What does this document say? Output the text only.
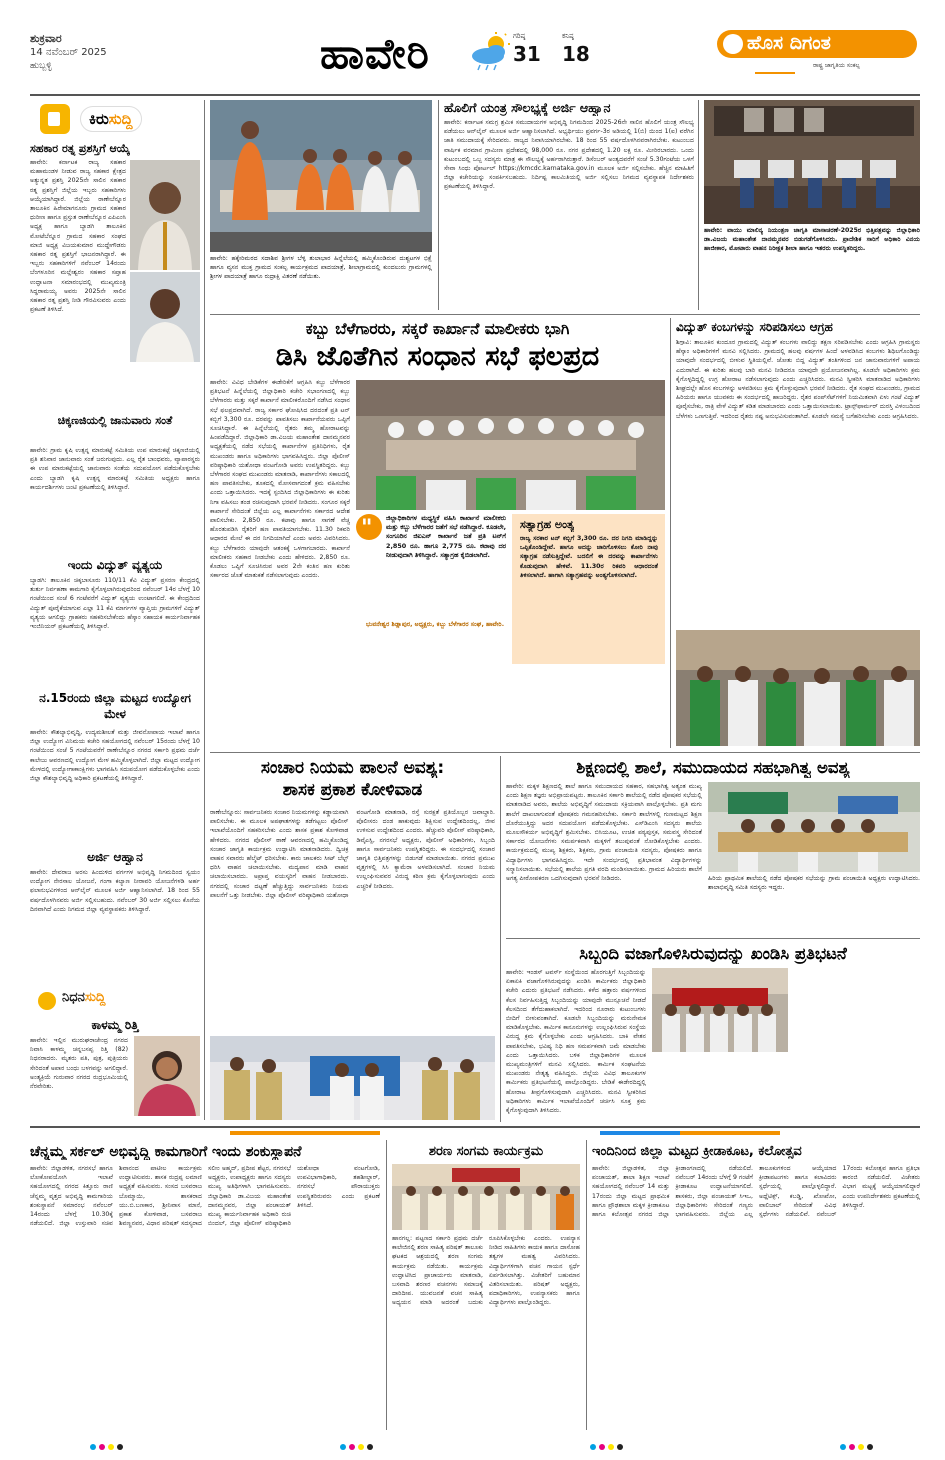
ಶುಕ್ರವಾರ
14 ನವೆಂಬರ್ 2025
ಹುಬ್ಬಳ್ಳಿ	ಹಾವೇರಿ	ಗರಿಷ್ಠ
31
ಕನಿಷ್ಠ
18	ಹೊಸ ದಿಗಂತ
ರಾಷ್ಟ್ರ ಜಾಗೃತಿಯ ಸಂಕಲ್ಪ
ಕಿರುಸುದ್ದಿ
ಸಹಕಾರ ರತ್ನ ಪ್ರಶಸ್ತಿಗೆ ಆಯ್ಕೆ
ಹಾವೇರಿ: ಕರ್ನಾಟಕ ರಾಜ್ಯ ಸಹಕಾರ ಮಹಾಮಂಡಳ ನೀಡುವ ರಾಜ್ಯ ಸಹಕಾರ ಕ್ಷೇತ್ರದ ಅತ್ಯುನ್ನತ ಪ್ರಶಸ್ತಿ 2025ನೇ ಸಾಲಿನ ಸಹಕಾರ ರತ್ನ ಪ್ರಶಸ್ತಿಗೆ ಜಿಲ್ಲೆಯ ಇಬ್ಬರು ಸಹಕಾರಿಗಳು ಆಯ್ಕೆಯಾಗಿದ್ದಾರೆ. ಜಿಲ್ಲೆಯ ರಾಣೇಬೆನ್ನೂರ ತಾಲೂಕಿನ ಹಿರೇಮಾಗನೂರು ಗ್ರಾಮದ ಸಹಕಾರ ಧುರೀಣ ಹಾಗೂ ಪ್ರಸ್ತುತ ರಾಣೇಬೆನ್ನೂರ ಎಪಿಎಂಸಿ ಅಧ್ಯಕ್ಷ ಹಾಗೂ ಬ್ಯಾಡಗಿ ತಾಲೂಕಿನ ಮೋಟೆಬೆನ್ನೂರ ಗ್ರಾಮದ ಸಹಕಾರ ಸಂಘದ ಮಾಜಿ ಅಧ್ಯಕ್ಷ ವಿಜಯಕುಮಾರ ಮುದ್ದೇಗೌಡರು ಸಹಕಾರ ರತ್ನ ಪ್ರಶಸ್ತಿಗೆ ಭಾಜನರಾಗಿದ್ದಾರೆ. ಈ ಇಬ್ಬರು ಸಹಕಾರಿಗಳಿಗೆ ನವೆಂಬರ್ 14ರಂದು ಬೆಂಗಳೂರಿನ ಮಲ್ಲೇಶ್ವರಂ ಸಹಕಾರ ಸಪ್ತಾಹ ಉದ್ಘಾಟನಾ ಸಮಾರಂಭದಲ್ಲಿ ಮುಖ್ಯಮಂತ್ರಿ ಸಿದ್ಧರಾಮಯ್ಯ ಅವರು 2025ನೇ ಸಾಲಿನ ಸಹಕಾರ ರತ್ನ ಪ್ರಶಸ್ತಿ ನೀಡಿ ಗೌರವಿಸುವರು ಎಂದು ಪ್ರಕಟಣೆ ತಿಳಿಸಿದೆ.
ಚಿಕ್ಕಣಜಿಯಲ್ಲಿ ಜಾನುವಾರು ಸಂತೆ
ಹಾವೇರಿ: ಗ್ರಾಮ ಕೃಷಿ ಉತ್ಪನ್ನ ಮಾರುಕಟ್ಟೆ ಸಮಿತಿಯ ಉಪ ಮಾರುಕಟ್ಟೆ ಚಿಕ್ಕಣಜಿಯಲ್ಲಿ ಪ್ರತಿ ಶನಿವಾರ ಜಾನುವಾರು ಸಂತೆ ಜರುಗುವುದು. ಎಲ್ಲ ರೈತ ಬಾಂಧವರು, ವ್ಯಾಪಾರಸ್ಥರು ಈ ಉಪ ಮಾರುಕಟ್ಟೆಯಲ್ಲಿ ಜಾನುವಾರು ಸಂತೆಯ ಸದುಪಯೋಗ ಪಡೆದುಕೊಳ್ಳಬೇಕು ಎಂದು ಬ್ಯಾಡಗಿ ಕೃಷಿ ಉತ್ಪನ್ನ ಮಾರುಕಟ್ಟೆ ಸಮಿತಿಯ ಅಧ್ಯಕ್ಷರು ಹಾಗೂ ಕಾರ್ಯದರ್ಶಿಗಳು ಜಂಟಿ ಪ್ರಕಟಣೆಯಲ್ಲಿ ತಿಳಿಸಿದ್ದಾರೆ.
ಇಂದು ವಿದ್ಯುತ್ ವ್ಯತ್ಯಯ
ಬ್ಯಾಡಗಿ: ತಾಲೂಕಿನ ಚಿಕ್ಕಬಾಸೂರು 110/11 ಕೆವಿ ವಿದ್ಯುತ್ ಪ್ರಸರಣ ಕೇಂದ್ರದಲ್ಲಿ ತುರ್ತು ನಿರ್ವಹಣಾ ಕಾಮಗಾರಿ ಕೈಗೊಳ್ಳಲಾಗಿರುವುದರಿಂದ ನವೆಂಬರ್ 14ರ ಬೆಳಗ್ಗೆ 10 ಗಂಟೆಯಿಂದ ಸಂಜೆ 6 ಗಂಟೆವರೆಗೆ ವಿದ್ಯುತ್ ವ್ಯತ್ಯಯ ಉಂಟಾಗಲಿದೆ. ಈ ಕೇಂದ್ರದಿಂದ ವಿದ್ಯುತ್ ಪೂರೈಕೆಯಾಗುವ ಎಲ್ಲಾ 11 ಕೆವಿ ಮಾರ್ಗಗಳ ವ್ಯಾಪ್ತಿಯ ಗ್ರಾಮಗಳಿಗೆ ವಿದ್ಯುತ್ ವ್ಯತ್ಯಯ ಆಗಲಿದ್ದು ಗ್ರಾಹಕರು ಸಹಕರಿಸಬೇಕೆಂದು ಹೆಸ್ಕಾಂ ಸಹಾಯಕ ಕಾರ್ಯನಿರ್ವಾಹಕ ಇಂಜಿನಿಯರ್ ಪ್ರಕಟಣೆಯಲ್ಲಿ ತಿಳಿಸಿದ್ದಾರೆ.
ನ.15ರಂದು ಜಿಲ್ಲಾ ಮಟ್ಟದ ಉದ್ಯೋಗ ಮೇಳ
ಹಾವೇರಿ: ಕೌಶಲ್ಯಾಭಿವೃದ್ಧಿ, ಉದ್ಯಮಶೀಲತೆ ಮತ್ತು ಜೀವನೋಪಾಯ ಇಲಾಖೆ ಹಾಗೂ ಜಿಲ್ಲಾ ಉದ್ಯೋಗ ವಿನಿಮಯ ಕಚೇರಿ ಸಹಯೋಗದಲ್ಲಿ ನವೆಂಬರ್ 15ರಂದು ಬೆಳಗ್ಗೆ 10 ಗಂಟೆಯಿಂದ ಸಂಜೆ 5 ಗಂಟೆಯವರೆಗೆ ರಾಣೇಬೆನ್ನೂರ ನಗರದ ಸರ್ಕಾರಿ ಪ್ರಥಮ ದರ್ಜೆ ಕಾಲೇಜು ಆವರಣದಲ್ಲಿ ಉದ್ಯೋಗ ಮೇಳ ಹಮ್ಮಿಕೊಳ್ಳಲಾಗಿದೆ. ಜಿಲ್ಲಾ ಮಟ್ಟದ ಉದ್ಯೋಗ ಮೇಳದಲ್ಲಿ ಉದ್ಯೋಗಾಕಾಂಕ್ಷಿಗಳು ಭಾಗವಹಿಸಿ ಸದುಪಯೋಗ ಪಡೆದುಕೊಳ್ಳಬೇಕು ಎಂದು ಜಿಲ್ಲಾ ಕೌಶಲ್ಯಾಭಿವೃದ್ಧಿ ಅಧಿಕಾರಿ ಪ್ರಕಟಣೆಯಲ್ಲಿ ತಿಳಿಸಿದ್ದಾರೆ.
ಅರ್ಜಿ ಆಹ್ವಾನ
ಹಾವೇರಿ: ದೇವರಾಜ ಅರಸು ಹಿಂದುಳಿದ ವರ್ಗಗಳ ಅಭಿವೃದ್ಧಿ ನಿಗಮದಿಂದ ಸ್ವಯಂ ಉದ್ಯೋಗ ನೇರಸಾಲ ಯೋಜನೆ, ಗಂಗಾ ಕಲ್ಯಾಣ ನೀರಾವರಿ ಯೋಜನೆಗಳಡಿ ಅರ್ಹ ಫಲಾನುಭವಿಗಳಿಂದ ಆನ್‌ಲೈನ್ ಮೂಲಕ ಅರ್ಜಿ ಆಹ್ವಾನಿಸಲಾಗಿದೆ. 18 ರಿಂದ 55 ವರ್ಷದೊಳಗಿನವರು ಅರ್ಜಿ ಸಲ್ಲಿಸಬಹುದು. ನವೆಂಬರ್ 30 ಅರ್ಜಿ ಸಲ್ಲಿಸಲು ಕೊನೆಯ ದಿನವಾಗಿದೆ ಎಂದು ನಿಗಮದ ಜಿಲ್ಲಾ ವ್ಯವಸ್ಥಾಪಕರು ತಿಳಿಸಿದ್ದಾರೆ.
ನಿಧನಸುದ್ದಿ
ಕಾಳಮ್ಮ ರಿತ್ತಿ
ಹಾವೇರಿ: ಇಲ್ಲಿನ ಮುರುಘರಾಜೇಂದ್ರ ನಗರದ ನಿವಾಸಿ ಕಾಳಮ್ಮ ಚನ್ನಬಸಪ್ಪ ರಿತ್ತಿ (82) ನಿಧನರಾದರು. ಮೃತರು ಪತಿ, ಪುತ್ರ, ಪುತ್ರಿಯರು ಸೇರಿದಂತೆ ಅಪಾರ ಬಂಧು ಬಳಗವನ್ನು ಅಗಲಿದ್ದಾರೆ. ಅಂತ್ಯಕ್ರಿಯೆ ಗುರುವಾರ ನಗರದ ರುದ್ರಭೂಮಿಯಲ್ಲಿ ನೆರವೇರಿತು.
ಹಾವೇರಿ: ಹಕ್ಕೇರಿಮಠದ ಸದಾಶಿವ ಶ್ರೀಗಳ ಬೆಳ್ಳಿ ತುಲಾಭಾರ ಹಿನ್ನೆಲೆಯಲ್ಲಿ ಹಮ್ಮಿಕೊಂಡಿರುವ ದುಶ್ಚಟಗಳ ಭಿಕ್ಷೆ ಹಾಗೂ ವ್ಯಸನ ಮುಕ್ತ ಗ್ರಾಮದ ಸಂಕಲ್ಪ ಕಾರ್ಯಕ್ರಮದ ಪಾದಯಾತ್ರೆ, ಶೀಲಾಗ್ರಾಮದಲ್ಲಿ ಕುಂದಲುರು ಗ್ರಾಮಗಳಲ್ಲಿ ಶ್ರೀಗಳ ಪಾದಯಾತ್ರೆ ಹಾಗೂ ರುದ್ರಾಕ್ಷಿ ವಿತರಣೆ ನಡೆಯಿತು.
ಹೊಲಿಗೆ ಯಂತ್ರ ಸೌಲಭ್ಯಕ್ಕೆ ಅರ್ಜಿ ಆಹ್ವಾನ
ಹಾವೇರಿ: ಕರ್ನಾಟಕ ಸಮಗ್ರ ಶ್ರಮಿಕ ಸಮುದಾಯಗಳ ಅಭಿವೃದ್ಧಿ ನಿಗಮದಿಂದ 2025-26ನೇ ಸಾಲಿನ ಹೊಲಿಗೆ ಯಂತ್ರ ಸೌಲಭ್ಯ ಪಡೆಯಲು ಆನ್‌ಲೈನ್ ಮೂಲಕ ಅರ್ಜಿ ಆಹ್ವಾನಿಸಲಾಗಿದೆ. ಅಭ್ಯರ್ಥಿಯು ಪ್ರವರ್ಗ-3ರ ಅಡಿಯಲ್ಲಿ 1(ಬಿ) ಯಿಂದ 1(ಐ) ವರೆಗಿನ ಜಾತಿ ಸಮುದಾಯಕ್ಕೆ ಸೇರಿದವರು. ರಾಜ್ಯದ ನಿವಾಸಿಯಾಗಿರಬೇಕು. 18 ರಿಂದ 55 ವರ್ಷದೊಳಗಿನವರಾಗಿರಬೇಕು. ಕುಟುಂಬದ ವಾರ್ಷಿಕ ವರಮಾನ ಗ್ರಾಮೀಣ ಪ್ರದೇಶದಲ್ಲಿ 98,000 ರೂ. ನಗರ ಪ್ರದೇಶದಲ್ಲಿ 1.20 ಲಕ್ಷ ರೂ. ಮೀರಿರಬಾರದು. ಒಂದು ಕುಟುಂಬದಲ್ಲಿ ಒಬ್ಬ ಸದಸ್ಯರು ಮಾತ್ರ ಈ ಸೌಲಭ್ಯಕ್ಕೆ ಅರ್ಹರಾಗಿರುತ್ತಾರೆ. ಡಿಸೆಂಬರ್ ಅಂತ್ಯದವರೆಗೆ ಸಂಜೆ 5.30ಗಂಟೆಯ ಒಳಗೆ ಸೇವಾ ಸಿಂಧು ಪೋರ್ಟಲ್ https://kmcdc.karnataka.gov.in ಮೂಲಕ ಅರ್ಜಿ ಸಲ್ಲಿಸಬೇಕು. ಹೆಚ್ಚಿನ ಮಾಹಿತಿಗೆ ಜಿಲ್ಲಾ ಕಚೇರಿಯನ್ನು ಸಂಪರ್ಕಿಸಬಹುದು. ನಿರ್ದಿಷ್ಟ ಕಾಲಮಿತಿಯಲ್ಲಿ ಅರ್ಜಿ ಸಲ್ಲಿಸಲು ನಿಗಮದ ವ್ಯವಸ್ಥಾಪಕ ನಿರ್ದೇಶಕರು ಪ್ರಕಟಣೆಯಲ್ಲಿ ತಿಳಿಸಿದ್ದಾರೆ.
ಹಾವೇರಿ: ವಾಯು ಮಾಲಿನ್ಯ ನಿಯಂತ್ರಣ ಜಾಗೃತಿ ಮಾಸಾಚರಣೆ-2025ರ ಭಿತ್ತಿಪತ್ರವನ್ನು ಜಿಲ್ಲಾಧಿಕಾರಿ ಡಾ.ವಿಜಯ ಮಹಾಂತೇಶ ದಾನಮ್ಮನವರ ಬಿಡುಗಡೆಗೊಳಿಸಿದರು. ಪ್ರಾದೇಶಿಕ ಸಾರಿಗೆ ಅಧಿಕಾರಿ ವಿನಯ ಹಾಜೀಕಾರ, ಮೋಟಾರು ವಾಹನ ನಿರೀಕ್ಷಕ ಶೀಲಾ ಹಾಗೂ ಇತರರು ಉಪಸ್ಥಿತರಿದ್ದರು.
ಕಬ್ಬು ಬೆಳೆಗಾರರು, ಸಕ್ಕರೆ ಕಾರ್ಖಾನೆ ಮಾಲೀಕರು ಭಾಗಿ
ಡಿಸಿ ಜೊತೆಗಿನ ಸಂಧಾನ ಸಭೆ ಫಲಪ್ರದ
ಹಾವೇರಿ: ವಿವಿಧ ಬೇಡಿಕೆಗಳ ಈಡೇರಿಕೆಗೆ ಆಗ್ರಹಿಸಿ ಕಬ್ಬು ಬೆಳೆಗಾರರ ಪ್ರತಿಭಟನೆ ಹಿನ್ನೆಲೆಯಲ್ಲಿ ಜಿಲ್ಲಾಧಿಕಾರಿ ಕಚೇರಿ ಸಭಾಂಗಣದಲ್ಲಿ ಕಬ್ಬು ಬೆಳೆಗಾರರು ಮತ್ತು ಸಕ್ಕರೆ ಕಾರ್ಖಾನೆ ಮಾಲೀಕರೊಂದಿಗೆ ನಡೆಸಿದ ಸಂಧಾನ ಸಭೆ ಫಲಪ್ರದವಾಗಿದೆ. ರಾಜ್ಯ ಸರ್ಕಾರ ಘೋಷಿಸಿದ ದರದಂತೆ ಪ್ರತಿ ಟನ್ ಕಬ್ಬಿಗೆ 3,300 ರೂ. ದರವನ್ನು ಪಾವತಿಸಲು ಕಾರ್ಖಾನೆಯವರು ಒಪ್ಪಿಗೆ ಸೂಚಿಸಿದ್ದಾರೆ. ಈ ಹಿನ್ನೆಲೆಯಲ್ಲಿ ರೈತರು ತಮ್ಮ ಹೋರಾಟವನ್ನು ಹಿಂಪಡೆದಿದ್ದಾರೆ. ಜಿಲ್ಲಾಧಿಕಾರಿ ಡಾ.ವಿಜಯ ಮಹಾಂತೇಶ ದಾನಮ್ಮನವರ ಅಧ್ಯಕ್ಷತೆಯಲ್ಲಿ ನಡೆದ ಸಭೆಯಲ್ಲಿ ಕಾರ್ಖಾನೆಗಳ ಪ್ರತಿನಿಧಿಗಳು, ರೈತ ಮುಖಂಡರು ಹಾಗೂ ಅಧಿಕಾರಿಗಳು ಭಾಗವಹಿಸಿದ್ದರು. ಜಿಲ್ಲಾ ಪೊಲೀಸ್ ವರಿಷ್ಠಾಧಿಕಾರಿ ಯಶೋಧಾ ವಂಟಗೋಡಿ ಅವರು ಉಪಸ್ಥಿತರಿದ್ದರು. ಕಬ್ಬು ಬೆಳೆಗಾರರ ಸಂಘದ ಮುಖಂಡರು ಮಾತನಾಡಿ, ಕಾರ್ಖಾನೆಗಳು ಸಕಾಲದಲ್ಲಿ ಹಣ ಪಾವತಿಸಬೇಕು, ತೂಕದಲ್ಲಿ ಮೋಸವಾಗದಂತೆ ಕ್ರಮ ವಹಿಸಬೇಕು ಎಂದು ಒತ್ತಾಯಿಸಿದರು. ಇದಕ್ಕೆ ಸ್ಪಂದಿಸಿದ ಜಿಲ್ಲಾಧಿಕಾರಿಗಳು ಈ ಕುರಿತು ನಿಗಾ ವಹಿಸಲು ತಂಡ ರಚಿಸುವುದಾಗಿ ಭರವಸೆ ನೀಡಿದರು. ಸಂಗೂರ ಸಕ್ಕರೆ ಕಾರ್ಖಾನೆ ಸೇರಿದಂತೆ ಜಿಲ್ಲೆಯ ಎಲ್ಲ ಕಾರ್ಖಾನೆಗಳು ಸರ್ಕಾರದ ಆದೇಶ ಪಾಲಿಸಬೇಕು. 2,850 ರೂ. ಕಟಾವು ಹಾಗೂ ಸಾಗಣೆ ವೆಚ್ಚ ಹೊರತುಪಡಿಸಿ ರೈತರಿಗೆ ಹಣ ಪಾವತಿಯಾಗಬೇಕು. 11.30 ರಿಕವರಿ ಆಧಾರದ ಮೇಲೆ ಈ ದರ ನಿಗದಿಯಾಗಿದೆ ಎಂದು ಅವರು ವಿವರಿಸಿದರು. ಕಬ್ಬು ಬೆಳೆಗಾರರು ಯಾವುದೇ ಆತಂಕಕ್ಕೆ ಒಳಗಾಗಬಾರದು. ಕಾರ್ಖಾನೆ ಮಾಲೀಕರು ಸಹಕಾರ ನೀಡಬೇಕು ಎಂದು ಹೇಳಿದರು. 2,850 ರೂ. ಕೊಡಲು ಒಪ್ಪಿಗೆ ಸೂಚಿಸಿರುವ ಅವರ 2ನೇ ಕಂತಿನ ಹಣ ಕುರಿತು ಸರ್ಕಾರದ ಜೊತೆ ಮಾತುಕತೆ ನಡೆಸಲಾಗುವುದು ಎಂದರು.
" ಜಿಲ್ಲಾಧಿಕಾರಿಗಳ ಮಧ್ಯಸ್ಥಿಕೆ ವಹಿಸಿ ಕಾರ್ಖಾನೆ ಮಾಲೀಕರು ಮತ್ತು ಕಬ್ಬು ಬೆಳೆಗಾರರ ಜತೆಗೆ ಸಭೆ ನಡೆಸಿದ್ದಾರೆ. ಕೂಡಲೇ, ಸಂಗೂರಿನ ಜಿಐಎನ್ ಕಾರ್ಖಾನೆ ಜತೆ ಪ್ರತಿ ಟನ್‌ಗೆ 2,850 ರೂ. ಹಾಗೂ 2,775 ರೂ. ಕಟಾವು ದರ ನೀಡುವುದಾಗಿ ತಿಳಿಸಿದ್ದಾರೆ. ಸತ್ಯಾಗ್ರಹ ಕೈಬಿಡಲಾಗಿದೆ.
ಭುವನೇಶ್ವರ ಶಿಡ್ಲಾಪುರ, ಅಧ್ಯಕ್ಷರು, ಕಬ್ಬು ಬೆಳೆಗಾರರ ಸಂಘ, ಹಾವೇರಿ.
ಸತ್ಯಾಗ್ರಹ ಅಂತ್ಯ
ರಾಜ್ಯ ಸರಕಾರ ಟನ್ ಕಬ್ಬಿಗೆ 3,300 ರೂ. ದರ ನಿಗದಿ ಮಾಡಿದ್ದನ್ನು ಒಪ್ಪಿಕೊಂಡಿದ್ದೇವೆ. ಹಾಗೂ ಅದನ್ನು ಜಾರಿಗೊಳಿಸಲು ಕೋರಿ ನಾವು ಸತ್ಯಾಗ್ರಹ ನಡೆಸುತ್ತಿದ್ದೇವೆ. ಬದಲಿಗೆ ಈ ದರವನ್ನು ಕಾರ್ಖಾನೆಗಳು ಕೊಡುವುದಾಗಿ ಹೇಳಿವೆ. 11.30ರ ರಿಕವರಿ ಆಧಾರದಂತೆ ತಿಳಿಸಲಾಗಿದೆ. ಹಾಗಾಗಿ ಸತ್ಯಾಗ್ರಹವನ್ನು ಅಂತ್ಯಗೊಳಿಸಲಾಗಿದೆ.
ವಿದ್ಯುತ್ ಕಂಬಗಳನ್ನು ಸರಿಪಡಿಸಲು ಆಗ್ರಹ
ಶಿಗ್ಗಾವಿ: ತಾಲೂಕಿನ ಕುಂದೂರ ಗ್ರಾಮದಲ್ಲಿ ವಿದ್ಯುತ್ ಕಂಬಗಳು ವಾಲಿದ್ದು ತಕ್ಷಣ ಸರಿಪಡಿಸಬೇಕು ಎಂದು ಆಗ್ರಹಿಸಿ ಗ್ರಾಮಸ್ಥರು ಹೆಸ್ಕಾಂ ಅಧಿಕಾರಿಗಳಿಗೆ ಮನವಿ ಸಲ್ಲಿಸಿದರು. ಗ್ರಾಮದಲ್ಲಿ ಹಲವು ವರ್ಷಗಳ ಹಿಂದೆ ಅಳವಡಿಸಿದ ಕಂಬಗಳು ಶಿಥಿಲಗೊಂಡಿದ್ದು ಯಾವುದೇ ಸಂದರ್ಭದಲ್ಲಿ ಬೀಳುವ ಸ್ಥಿತಿಯಲ್ಲಿವೆ. ಜೋತು ಬಿದ್ದ ವಿದ್ಯುತ್ ತಂತಿಗಳಿಂದ ಜನ ಜಾನುವಾರುಗಳಿಗೆ ಅಪಾಯ ಎದುರಾಗಿದೆ. ಈ ಕುರಿತು ಹಲವು ಬಾರಿ ಮನವಿ ನೀಡಿದರೂ ಯಾವುದೇ ಪ್ರಯೋಜನವಾಗಿಲ್ಲ. ಕೂಡಲೇ ಅಧಿಕಾರಿಗಳು ಕ್ರಮ ಕೈಗೊಳ್ಳದಿದ್ದಲ್ಲಿ ಉಗ್ರ ಹೋರಾಟ ನಡೆಸಲಾಗುವುದು ಎಂದು ಎಚ್ಚರಿಸಿದರು. ಮನವಿ ಸ್ವೀಕರಿಸಿ ಮಾತನಾಡಿದ ಅಧಿಕಾರಿಗಳು ಶೀಘ್ರದಲ್ಲೇ ಹೊಸ ಕಂಬಗಳನ್ನು ಅಳವಡಿಸಲು ಕ್ರಮ ಕೈಗೊಳ್ಳುವುದಾಗಿ ಭರವಸೆ ನೀಡಿದರು. ರೈತ ಸಂಘದ ಮುಖಂಡರು, ಗ್ರಾಮದ ಹಿರಿಯರು ಹಾಗೂ ಯುವಕರು ಈ ಸಂದರ್ಭದಲ್ಲಿ ಹಾಜರಿದ್ದರು. ರೈತರ ಪಂಪ್‌ಸೆಟ್‌ಗಳಿಗೆ ನಿಯಮಿತವಾಗಿ ಏಳು ಗಂಟೆ ವಿದ್ಯುತ್ ಪೂರೈಸಬೇಕು, ರಾತ್ರಿ ವೇಳೆ ವಿದ್ಯುತ್ ಕಡಿತ ಮಾಡಬಾರದು ಎಂದು ಒತ್ತಾಯಿಸಲಾಯಿತು. ಟ್ರಾನ್ಸ್‌ಫಾರ್ಮರ್ ದುರಸ್ತಿ ವಿಳಂಬದಿಂದ ಬೆಳೆಗಳು ಒಣಗುತ್ತಿವೆ. ಇದರಿಂದ ರೈತರು ನಷ್ಟ ಅನುಭವಿಸುವಂತಾಗಿದೆ. ಕೂಡಲೇ ಸಮಸ್ಯೆ ಬಗೆಹರಿಸಬೇಕು ಎಂದು ಆಗ್ರಹಿಸಿದರು.
ಸಂಚಾರ ನಿಯಮ ಪಾಲನೆ ಅವಶ್ಯ:
ಶಾಸಕ ಪ್ರಕಾಶ ಕೋಳಿವಾಡ
ರಾಣೇಬೆನ್ನೂರು: ಸಾರ್ವಜನಿಕರು ಸಂಚಾರ ನಿಯಮಗಳನ್ನು ಕಡ್ಡಾಯವಾಗಿ ಪಾಲಿಸಬೇಕು. ಈ ಮೂಲಕ ಅಪಘಾತಗಳನ್ನು ತಡೆಗಟ್ಟಲು ಪೊಲೀಸ್ ಇಲಾಖೆಯೊಂದಿಗೆ ಸಹಕರಿಸಬೇಕು ಎಂದು ಶಾಸಕ ಪ್ರಕಾಶ ಕೋಳಿವಾಡ ಹೇಳಿದರು. ನಗರದ ಪೊಲೀಸ್ ಠಾಣೆ ಆವರಣದಲ್ಲಿ ಹಮ್ಮಿಕೊಂಡಿದ್ದ ಸಂಚಾರ ಜಾಗೃತಿ ಕಾರ್ಯಕ್ರಮ ಉದ್ಘಾಟಿಸಿ ಮಾತನಾಡಿದರು. ದ್ವಿಚಕ್ರ ವಾಹನ ಸವಾರರು ಹೆಲ್ಮೆಟ್ ಧರಿಸಬೇಕು. ಕಾರು ಚಾಲಕರು ಸೀಟ್ ಬೆಲ್ಟ್ ಧರಿಸಿ ವಾಹನ ಚಲಾಯಿಸಬೇಕು. ಮದ್ಯಪಾನ ಮಾಡಿ ವಾಹನ ಚಲಾಯಿಸಬಾರದು. ಅಪ್ರಾಪ್ತ ವಯಸ್ಕರಿಗೆ ವಾಹನ ನೀಡಬಾರದು. ನಗರದಲ್ಲಿ ಸಂಚಾರ ದಟ್ಟಣೆ ಹೆಚ್ಚುತ್ತಿದ್ದು ಸಾರ್ವಜನಿಕರು ನಿಯಮ ಪಾಲನೆಗೆ ಒತ್ತು ನೀಡಬೇಕು. ಜಿಲ್ಲಾ ಪೊಲೀಸ್ ವರಿಷ್ಠಾಧಿಕಾರಿ ಯಶೋಧಾ ವಂಟಗೋಡಿ ಮಾತನಾಡಿ, ರಸ್ತೆ ಸುರಕ್ಷತೆ ಪ್ರತಿಯೊಬ್ಬರ ಜವಾಬ್ದಾರಿ. ಪೊಲೀಸರು ದಂಡ ಹಾಕುವುದು ಶಿಕ್ಷಿಸುವ ಉದ್ದೇಶದಿಂದಲ್ಲ, ಜೀವ ಉಳಿಸುವ ಉದ್ದೇಶದಿಂದ ಎಂದರು. ಹೆಚ್ಚುವರಿ ಪೊಲೀಸ್ ವರಿಷ್ಠಾಧಿಕಾರಿ, ಡಿವೈಎಸ್ಪಿ, ನಗರಸಭೆ ಅಧ್ಯಕ್ಷರು, ಪೊಲೀಸ್ ಅಧಿಕಾರಿಗಳು, ಸಿಬ್ಬಂದಿ ಹಾಗೂ ಸಾರ್ವಜನಿಕರು ಉಪಸ್ಥಿತರಿದ್ದರು. ಈ ಸಂದರ್ಭದಲ್ಲಿ ಸಂಚಾರ ಜಾಗೃತಿ ಭಿತ್ತಿಪತ್ರಗಳನ್ನು ಬಿಡುಗಡೆ ಮಾಡಲಾಯಿತು. ನಗರದ ಪ್ರಮುಖ ವೃತ್ತಗಳಲ್ಲಿ ಸಿಸಿ ಕ್ಯಾಮೆರಾ ಅಳವಡಿಸಲಾಗಿದೆ. ಸಂಚಾರ ನಿಯಮ ಉಲ್ಲಂಘಿಸುವವರ ವಿರುದ್ಧ ಕಠಿಣ ಕ್ರಮ ಕೈಗೊಳ್ಳಲಾಗುವುದು ಎಂದು ಎಚ್ಚರಿಕೆ ನೀಡಿದರು.
ಶಿಕ್ಷಣದಲ್ಲಿ ಶಾಲೆ, ಸಮುದಾಯದ ಸಹಭಾಗಿತ್ವ ಅವಶ್ಯ
ಹಾವೇರಿ: ಮಕ್ಕಳ ಶಿಕ್ಷಣದಲ್ಲಿ ಶಾಲೆ ಹಾಗೂ ಸಮುದಾಯದ ಸಹಕಾರ, ಸಹಭಾಗಿತ್ವ ಅತ್ಯಂತ ಮುಖ್ಯ ಎಂದು ಶಿಕ್ಷಣ ತಜ್ಞರು ಅಭಿಪ್ರಾಯಪಟ್ಟರು. ತಾಲೂಕಿನ ಸರ್ಕಾರಿ ಶಾಲೆಯಲ್ಲಿ ನಡೆದ ಪೋಷಕರ ಸಭೆಯಲ್ಲಿ ಮಾತನಾಡಿದ ಅವರು, ಶಾಲೆಯ ಅಭಿವೃದ್ಧಿಗೆ ಸಮುದಾಯ ಸಕ್ರಿಯವಾಗಿ ಪಾಲ್ಗೊಳ್ಳಬೇಕು. ಪ್ರತಿ ಮಗು ಶಾಲೆಗೆ ದಾಖಲಾಗುವಂತೆ ಪೋಷಕರು ಗಮನಹರಿಸಬೇಕು. ಸರ್ಕಾರಿ ಶಾಲೆಗಳಲ್ಲಿ ಗುಣಮಟ್ಟದ ಶಿಕ್ಷಣ ದೊರೆಯುತ್ತಿದ್ದು ಅದರ ಸದುಪಯೋಗ ಪಡೆದುಕೊಳ್ಳಬೇಕು. ಎಸ್‌ಡಿಎಂಸಿ ಸದಸ್ಯರು ಶಾಲೆಯ ಮೂಲಸೌಕರ್ಯ ಅಭಿವೃದ್ಧಿಗೆ ಶ್ರಮಿಸಬೇಕು. ಬಿಸಿಯೂಟ, ಉಚಿತ ಪಠ್ಯಪುಸ್ತಕ, ಸಮವಸ್ತ್ರ ಸೇರಿದಂತೆ ಸರ್ಕಾರದ ಯೋಜನೆಗಳು ಸಮರ್ಪಕವಾಗಿ ಮಕ್ಕಳಿಗೆ ತಲುಪುವಂತೆ ನೋಡಿಕೊಳ್ಳಬೇಕು ಎಂದರು. ಕಾರ್ಯಕ್ರಮದಲ್ಲಿ ಮುಖ್ಯ ಶಿಕ್ಷಕರು, ಶಿಕ್ಷಕರು, ಗ್ರಾಮ ಪಂಚಾಯಿತಿ ಸದಸ್ಯರು, ಪೋಷಕರು ಹಾಗೂ ವಿದ್ಯಾರ್ಥಿಗಳು ಭಾಗವಹಿಸಿದ್ದರು. ಇದೇ ಸಂದರ್ಭದಲ್ಲಿ ಪ್ರತಿಭಾವಂತ ವಿದ್ಯಾರ್ಥಿಗಳನ್ನು ಸನ್ಮಾನಿಸಲಾಯಿತು. ಸಭೆಯಲ್ಲಿ ಶಾಲೆಯ ಪ್ರಗತಿ ವರದಿ ಮಂಡಿಸಲಾಯಿತು. ಗ್ರಾಮದ ಹಿರಿಯರು ಶಾಲೆಗೆ ಅಗತ್ಯ ಪೀಠೋಪಕರಣ ಒದಗಿಸುವುದಾಗಿ ಭರವಸೆ ನೀಡಿದರು.	ಹಿರಿಯ ಪ್ರಾಥಮಿಕ ಶಾಲೆಯಲ್ಲಿ ನಡೆದ ಪೋಷಕರ ಸಭೆಯನ್ನು ಗ್ರಾಮ ಪಂಚಾಯಿತಿ ಅಧ್ಯಕ್ಷರು ಉದ್ಘಾಟಿಸಿದರು. ಶಾಲಾಭಿವೃದ್ಧಿ ಸಮಿತಿ ಸದಸ್ಯರು ಇದ್ದರು.
ಸಿಬ್ಬಂದಿ ವಜಾಗೊಳಿಸಿರುವುದನ್ನು ಖಂಡಿಸಿ ಪ್ರತಿಭಟನೆ
ಹಾವೇರಿ: ಇಂಡಸ್ ಟವರ್ಸ್ ಸಂಸ್ಥೆಯಿಂದ ಹೊರಗುತ್ತಿಗೆ ಸಿಬ್ಬಂದಿಯನ್ನು ಏಕಾಏಕಿ ವಜಾಗೊಳಿಸಿರುವುದನ್ನು ಖಂಡಿಸಿ ಕಾರ್ಮಿಕರು ಜಿಲ್ಲಾಧಿಕಾರಿ ಕಚೇರಿ ಎದುರು ಪ್ರತಿಭಟನೆ ನಡೆಸಿದರು. ಕಳೆದ ಹತ್ತಾರು ವರ್ಷಗಳಿಂದ ಕೆಲಸ ನಿರ್ವಹಿಸುತ್ತಿದ್ದ ಸಿಬ್ಬಂದಿಯನ್ನು ಯಾವುದೇ ಮುನ್ಸೂಚನೆ ನೀಡದೆ ಕೆಲಸದಿಂದ ತೆಗೆದುಹಾಕಲಾಗಿದೆ. ಇದರಿಂದ ನೂರಾರು ಕುಟುಂಬಗಳು ಬೀದಿಗೆ ಬೀಳುವಂತಾಗಿದೆ. ಕೂಡಲೇ ಸಿಬ್ಬಂದಿಯನ್ನು ಮರುನೇಮಕ ಮಾಡಿಕೊಳ್ಳಬೇಕು. ಕಾರ್ಮಿಕ ಕಾನೂನುಗಳನ್ನು ಉಲ್ಲಂಘಿಸಿರುವ ಸಂಸ್ಥೆಯ ವಿರುದ್ಧ ಕ್ರಮ ಕೈಗೊಳ್ಳಬೇಕು ಎಂದು ಆಗ್ರಹಿಸಿದರು. ಬಾಕಿ ವೇತನ ಪಾವತಿಸಬೇಕು, ಭವಿಷ್ಯ ನಿಧಿ ಹಣ ಸಮರ್ಪಕವಾಗಿ ಜಮೆ ಮಾಡಬೇಕು ಎಂದು ಒತ್ತಾಯಿಸಿದರು. ಬಳಿಕ ಜಿಲ್ಲಾಧಿಕಾರಿಗಳ ಮೂಲಕ ಮುಖ್ಯಮಂತ್ರಿಗಳಿಗೆ ಮನವಿ ಸಲ್ಲಿಸಿದರು. ಕಾರ್ಮಿಕ ಸಂಘಟನೆಯ ಮುಖಂಡರು ನೇತೃತ್ವ ವಹಿಸಿದ್ದರು. ಜಿಲ್ಲೆಯ ವಿವಿಧ ತಾಲೂಕುಗಳ ಕಾರ್ಮಿಕರು ಪ್ರತಿಭಟನೆಯಲ್ಲಿ ಪಾಲ್ಗೊಂಡಿದ್ದರು. ಬೇಡಿಕೆ ಈಡೇರದಿದ್ದಲ್ಲಿ ಹೋರಾಟ ತೀವ್ರಗೊಳಿಸುವುದಾಗಿ ಎಚ್ಚರಿಸಿದರು. ಮನವಿ ಸ್ವೀಕರಿಸಿದ ಅಧಿಕಾರಿಗಳು ಕಾರ್ಮಿಕ ಇಲಾಖೆಯೊಂದಿಗೆ ಚರ್ಚಿಸಿ ಸೂಕ್ತ ಕ್ರಮ ಕೈಗೊಳ್ಳುವುದಾಗಿ ತಿಳಿಸಿದರು.
ಚೆನ್ನಮ್ಮ ಸರ್ಕಲ್ ಅಭಿವೃದ್ಧಿ ಕಾಮಗಾರಿಗೆ ಇಂದು ಶಂಕುಸ್ಥಾಪನೆ
ಹಾವೇರಿ: ಜಿಲ್ಲಾಡಳಿತ, ನಗರಸಭೆ ಹಾಗೂ ಲೋಕೋಪಯೋಗಿ ಇಲಾಖೆ ಸಹಯೋಗದಲ್ಲಿ ನಗರದ ಕಿತ್ತೂರು ರಾಣಿ ಚೆನ್ನಮ್ಮ ವೃತ್ತದ ಅಭಿವೃದ್ಧಿ ಕಾಮಗಾರಿಯ ಶಂಕುಸ್ಥಾಪನೆ ಸಮಾರಂಭ ನವೆಂಬರ್ 14ರಂದು ಬೆಳಗ್ಗೆ 10.30ಕ್ಕೆ ನಡೆಯಲಿದೆ. ಜಿಲ್ಲಾ ಉಸ್ತುವಾರಿ ಸಚಿವ ಶಿವಾನಂದ ಪಾಟೀಲ ಕಾರ್ಯಕ್ರಮ ಉದ್ಘಾಟಿಸುವರು. ಶಾಸಕ ರುದ್ರಪ್ಪ ಲಮಾಣಿ ಅಧ್ಯಕ್ಷತೆ ವಹಿಸುವರು. ಸಂಸದ ಬಸವರಾಜ ಬೊಮ್ಮಾಯಿ, ಶಾಸಕರಾದ ಯು.ಬಿ.ಬಣಕಾರ, ಶ್ರೀನಿವಾಸ ಮಾನೆ, ಪ್ರಕಾಶ ಕೋಳಿವಾಡ, ಬಸವರಾಜ ಶಿವಣ್ಣನವರ, ವಿಧಾನ ಪರಿಷತ್ ಸದಸ್ಯರಾದ ಸಲೀಂ ಅಹ್ಮದ್, ಪ್ರದೀಪ ಶೆಟ್ಟರ, ನಗರಸಭೆ ಅಧ್ಯಕ್ಷರು, ಉಪಾಧ್ಯಕ್ಷರು ಹಾಗೂ ಸದಸ್ಯರು ಮುಖ್ಯ ಅತಿಥಿಗಳಾಗಿ ಭಾಗವಹಿಸುವರು. ಜಿಲ್ಲಾಧಿಕಾರಿ ಡಾ.ವಿಜಯ ಮಹಾಂತೇಶ ದಾನಮ್ಮನವರ, ಜಿಲ್ಲಾ ಪಂಚಾಯತ್ ಮುಖ್ಯ ಕಾರ್ಯನಿರ್ವಾಹಕ ಅಧಿಕಾರಿ ರುಚಿ ಬಿಂದಲ್, ಜಿಲ್ಲಾ ಪೊಲೀಸ್ ವರಿಷ್ಠಾಧಿಕಾರಿ ಯಶೋಧಾ ವಂಟಗೋಡಿ, ಉಪವಿಭಾಗಾಧಿಕಾರಿ, ತಹಶೀಲ್ದಾರ್, ನಗರಸಭೆ ಪೌರಾಯುಕ್ತರು ಉಪಸ್ಥಿತರಿರುವರು ಎಂದು ಪ್ರಕಟಣೆ ತಿಳಿಸಿದೆ.
ಶರಣ ಸಂಗಮ ಕಾರ್ಯಕ್ರಮ
ಹಾನಗಲ್ಲ: ಪಟ್ಟಣದ ಸರ್ಕಾರಿ ಪ್ರಥಮ ದರ್ಜೆ ಕಾಲೇಜಿನಲ್ಲಿ ಶರಣ ಸಾಹಿತ್ಯ ಪರಿಷತ್ ತಾಲೂಕು ಘಟಕದ ಆಶ್ರಯದಲ್ಲಿ ಶರಣ ಸಂಗಮ ಕಾರ್ಯಕ್ರಮ ನಡೆಯಿತು. ಕಾರ್ಯಕ್ರಮ ಉದ್ಘಾಟಿಸಿದ ಪ್ರಾಚಾರ್ಯರು ಮಾತನಾಡಿ, ಬಸವಾದಿ ಶರಣರ ವಚನಗಳು ಸಮಾಜಕ್ಕೆ ದಾರಿದೀಪ. ಯುವಜನತೆ ವಚನ ಸಾಹಿತ್ಯ ಅಧ್ಯಯನ ಮಾಡಿ ಅದರಂತೆ ಬದುಕು ರೂಪಿಸಿಕೊಳ್ಳಬೇಕು ಎಂದರು. ಉಪನ್ಯಾಸ ನೀಡಿದ ಸಾಹಿತಿಗಳು ಕಾಯಕ ಹಾಗೂ ದಾಸೋಹ ತತ್ವಗಳ ಮಹತ್ವ ವಿವರಿಸಿದರು. ವಿದ್ಯಾರ್ಥಿಗಳಿಗಾಗಿ ವಚನ ಗಾಯನ ಸ್ಪರ್ಧೆ ಏರ್ಪಡಿಸಲಾಗಿತ್ತು. ವಿಜೇತರಿಗೆ ಬಹುಮಾನ ವಿತರಿಸಲಾಯಿತು. ಪರಿಷತ್ ಅಧ್ಯಕ್ಷರು, ಪದಾಧಿಕಾರಿಗಳು, ಉಪನ್ಯಾಸಕರು ಹಾಗೂ ವಿದ್ಯಾರ್ಥಿಗಳು ಪಾಲ್ಗೊಂಡಿದ್ದರು.
ಇಂದಿನಿಂದ ಜಿಲ್ಲಾ ಮಟ್ಟದ ಕ್ರೀಡಾಕೂಟ, ಕಲೋತ್ಸವ
ಹಾವೇರಿ: ಜಿಲ್ಲಾಡಳಿತ, ಜಿಲ್ಲಾ ಪಂಚಾಯತ್, ಶಾಲಾ ಶಿಕ್ಷಣ ಇಲಾಖೆ ಸಹಯೋಗದಲ್ಲಿ ನವೆಂಬರ್ 14 ಮತ್ತು 17ರಂದು ಜಿಲ್ಲಾ ಮಟ್ಟದ ಪ್ರಾಥಮಿಕ ಹಾಗೂ ಪ್ರೌಢಶಾಲಾ ಮಕ್ಕಳ ಕ್ರೀಡಾಕೂಟ ಹಾಗೂ ಕಲೋತ್ಸವ ನಗರದ ಜಿಲ್ಲಾ ಕ್ರೀಡಾಂಗಣದಲ್ಲಿ ನಡೆಯಲಿದೆ. ನವೆಂಬರ್ 14ರಂದು ಬೆಳಗ್ಗೆ 9 ಗಂಟೆಗೆ ಕ್ರೀಡಾಕೂಟ ಉದ್ಘಾಟನೆಯಾಗಲಿದೆ. ಶಾಸಕರು, ಜಿಲ್ಲಾ ಪಂಚಾಯತ್ ಸಿಇಒ, ಜಿಲ್ಲಾಧಿಕಾರಿಗಳು ಸೇರಿದಂತೆ ಗಣ್ಯರು ಭಾಗವಹಿಸುವರು. ಜಿಲ್ಲೆಯ ಎಲ್ಲ ತಾಲೂಕುಗಳಿಂದ ಆಯ್ಕೆಯಾದ ಕ್ರೀಡಾಪಟುಗಳು ಹಾಗೂ ಕಲಾವಿದರು ಸ್ಪರ್ಧೆಯಲ್ಲಿ ಪಾಲ್ಗೊಳ್ಳಲಿದ್ದಾರೆ. ಅಥ್ಲೆಟಿಕ್ಸ್, ಕಬಡ್ಡಿ, ಖೋಖೋ, ವಾಲಿಬಾಲ್ ಸೇರಿದಂತೆ ವಿವಿಧ ಸ್ಪರ್ಧೆಗಳು ನಡೆಯಲಿವೆ. ನವೆಂಬರ್ 17ರಂದು ಕಲೋತ್ಸವ ಹಾಗೂ ಪ್ರತಿಭಾ ಕಾರಂಜಿ ನಡೆಯಲಿದೆ. ವಿಜೇತರು ವಿಭಾಗ ಮಟ್ಟಕ್ಕೆ ಆಯ್ಕೆಯಾಗಲಿದ್ದಾರೆ ಎಂದು ಉಪನಿರ್ದೇಶಕರು ಪ್ರಕಟಣೆಯಲ್ಲಿ ತಿಳಿಸಿದ್ದಾರೆ.
